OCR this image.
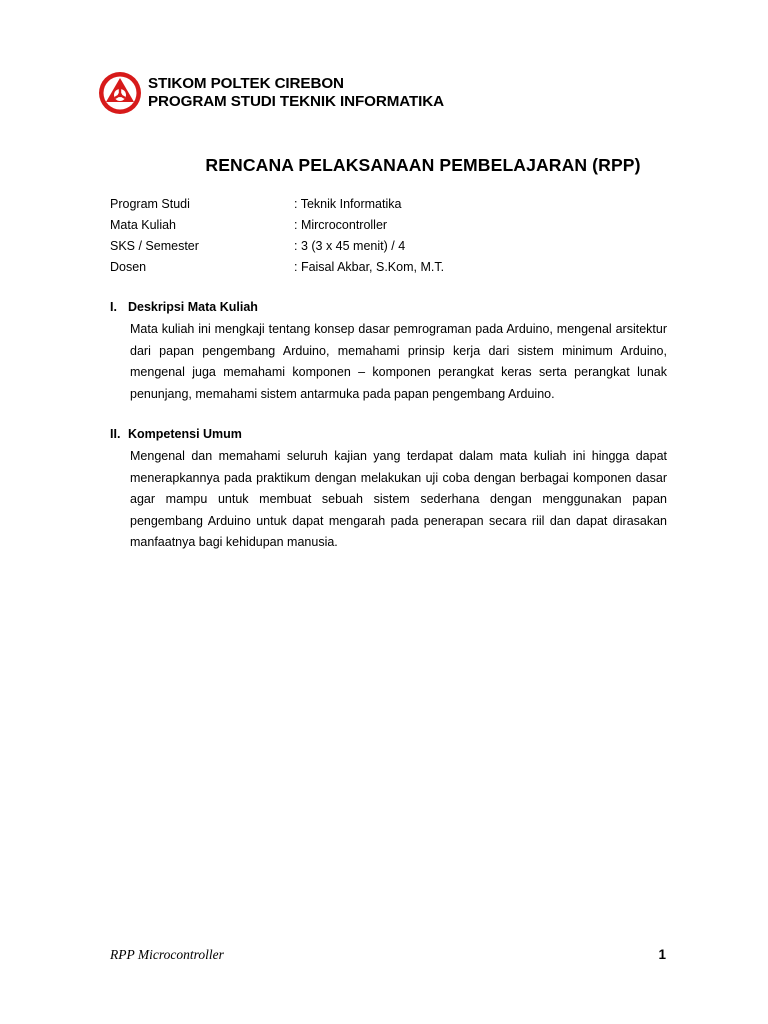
STIKOM POLTEK CIREBON
PROGRAM STUDI TEKNIK INFORMATIKA
RENCANA PELAKSANAAN PEMBELAJARAN (RPP)
Program Studi	: Teknik Informatika
Mata Kuliah	: Mircrocontroller
SKS / Semester	: 3 (3 x 45 menit) / 4
Dosen	: Faisal Akbar, S.Kom, M.T.
I. Deskripsi Mata Kuliah

Mata kuliah ini mengkaji tentang konsep dasar pemrograman pada Arduino, mengenal arsitektur dari papan pengembang Arduino, memahami prinsip kerja dari sistem minimum Arduino, mengenal juga memahami komponen – komponen perangkat keras serta perangkat lunak penunjang, memahami sistem antarmuka pada papan pengembang Arduino.

II. Kompetensi Umum

Mengenal dan memahami seluruh kajian yang terdapat dalam mata kuliah ini hingga dapat menerapkannya pada praktikum dengan melakukan uji coba dengan berbagai komponen dasar agar mampu untuk membuat sebuah sistem sederhana dengan menggunakan papan pengembang Arduino untuk dapat mengarah pada penerapan secara riil dan dapat dirasakan manfaatnya bagi kehidupan manusia.

RPP Microcontroller	1
